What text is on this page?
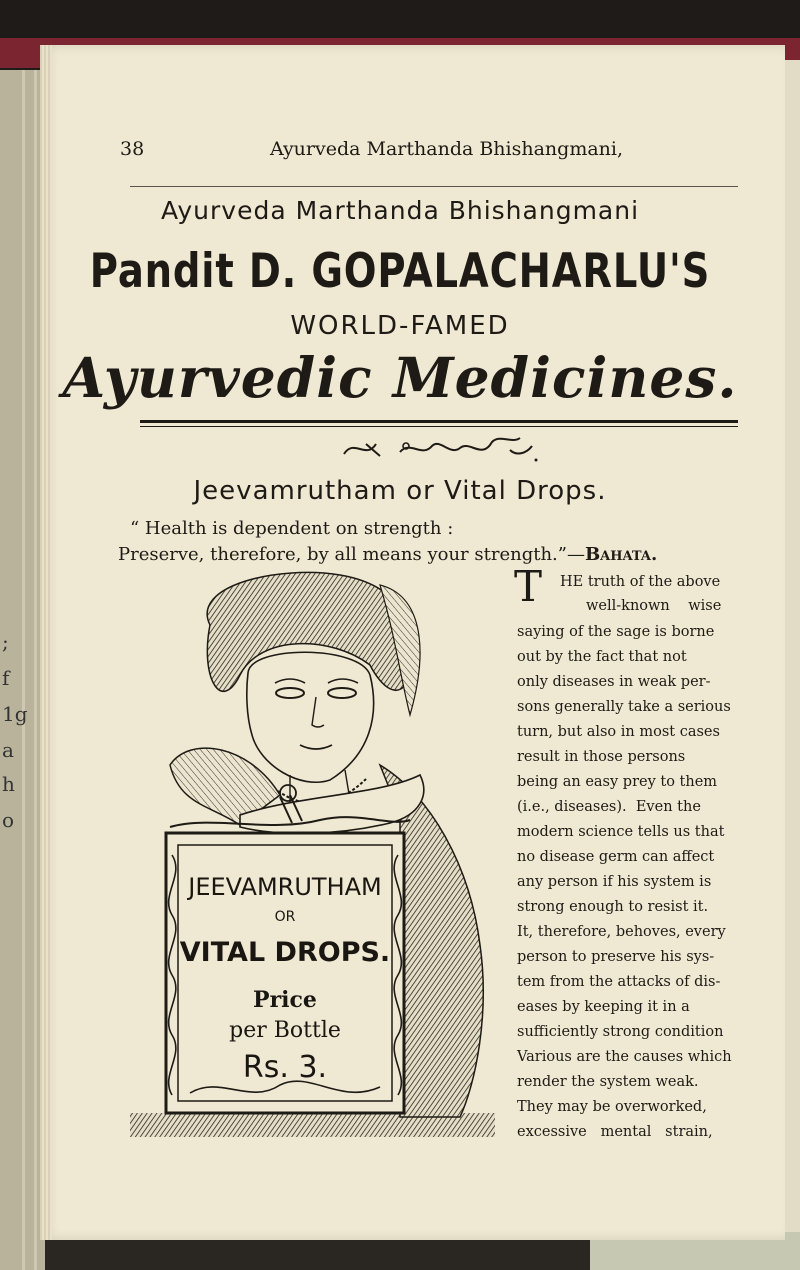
;
f
1g
a
h
o
38	Ayurveda Marthanda Bhishangmani,
Ayurveda Marthanda Bhishangmani
Pandit D. GOPALACHARLU'S
WORLD-FAMED
Ayurvedic Medicines.
Jeevamrutham or Vital Drops.
“ Health is dependent on strength :
Preserve, therefore, by all means your strength.”—Bahata.
JEEVAMRUTHAM
OR
VITAL DROPS.
Price
per Bottle
Rs. 3.
T HE truth of the above
well-known    wise
saying of the sage is borne
out by the fact that not
only diseases in weak per-
sons generally take a serious
turn, but also in most cases
result in those persons
being an easy prey to them
(i.e., diseases).  Even the
modern science tells us that
no disease germ can affect
any person if his system is
strong enough to resist it.
It, therefore, behoves, every
person to preserve his sys-
tem from the attacks of dis-
eases by keeping it in a
sufficiently strong condition
Various are the causes which
render the system weak.
They may be overworked,
excessive   mental   strain,
